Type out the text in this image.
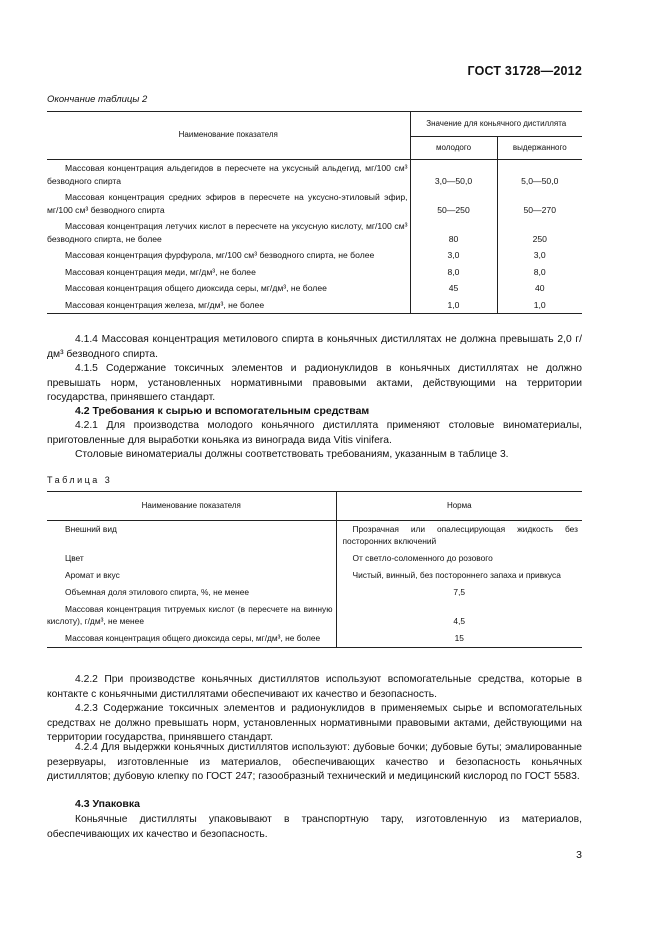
ГОСТ 31728—2012
Окончание таблицы 2
Наименование показателя	Значение для коньячного дистиллята	
	молодого	выдержанного
Массовая концентрация альдегидов в пересчете на уксусный альдегид, мг/100 см³ безводного спирта	3,0—50,0	5,0—50,0
Массовая концентрация средних эфиров в пересчете на уксусно-этиловый эфир, мг/100 см³ безводного спирта	50—250	50—270
Массовая концентрация летучих кислот в пересчете на уксусную кислоту, мг/100 см³ безводного спирта, не более	80	250
Массовая концентрация фурфурола, мг/100 см³ безводного спирта, не более	3,0	3,0
Массовая концентрация меди, мг/дм³, не более	8,0	8,0
Массовая концентрация общего диоксида серы, мг/дм³, не более	45	40
Массовая концентрация железа, мг/дм³, не более	1,0	1,0
4.1.4 Массовая концентрация метилового спирта в коньячных дистиллятах не должна превышать 2,0 г/дм³ безводного спирта.
4.1.5 Содержание токсичных элементов и радионуклидов в коньячных дистиллятах не должно превышать норм, установленных нормативными правовыми актами, действующими на территории государства, принявшего стандарт.
4.2 Требования к сырью и вспомогательным средствам
4.2.1 Для производства молодого коньячного дистиллята применяют столовые виноматериалы, приготовленные для выработки коньяка из винограда вида Vitis vinifera.
Столовые виноматериалы должны соответствовать требованиям, указанным в таблице 3.
Таблица 3
Наименование показателя	Норма
Внешний вид	Прозрачная или опалесцирующая жидкость без посторонних включений
Цвет	От светло-соломенного до розового
Аромат и вкус	Чистый, винный, без постороннего запаха и привкуса
Объемная доля этилового спирта, %, не менее	7,5
Массовая концентрация титруемых кислот (в пересчете на винную кислоту), г/дм³, не менее	4,5
Массовая концентрация общего диоксида серы, мг/дм³, не более	15
4.2.2 При производстве коньячных дистиллятов используют вспомогательные средства, которые в контакте с коньячными дистиллятами обеспечивают их качество и безопасность.
4.2.3 Содержание токсичных элементов и радионуклидов в применяемых сырье и вспомогательных средствах не должно превышать норм, установленных нормативными правовыми актами, действующими на территории государства, принявшего стандарт.
4.2.4 Для выдержки коньячных дистиллятов используют: дубовые бочки; дубовые буты; эмалированные резервуары, изготовленные из материалов, обеспечивающих качество и безопасность коньячных дистиллятов; дубовую клепку по ГОСТ 247; газообразный технический и медицинский кислород по ГОСТ 5583.
4.3 Упаковка
Коньячные дистилляты упаковывают в транспортную тару, изготовленную из материалов, обеспечивающих их качество и безопасность.
3
